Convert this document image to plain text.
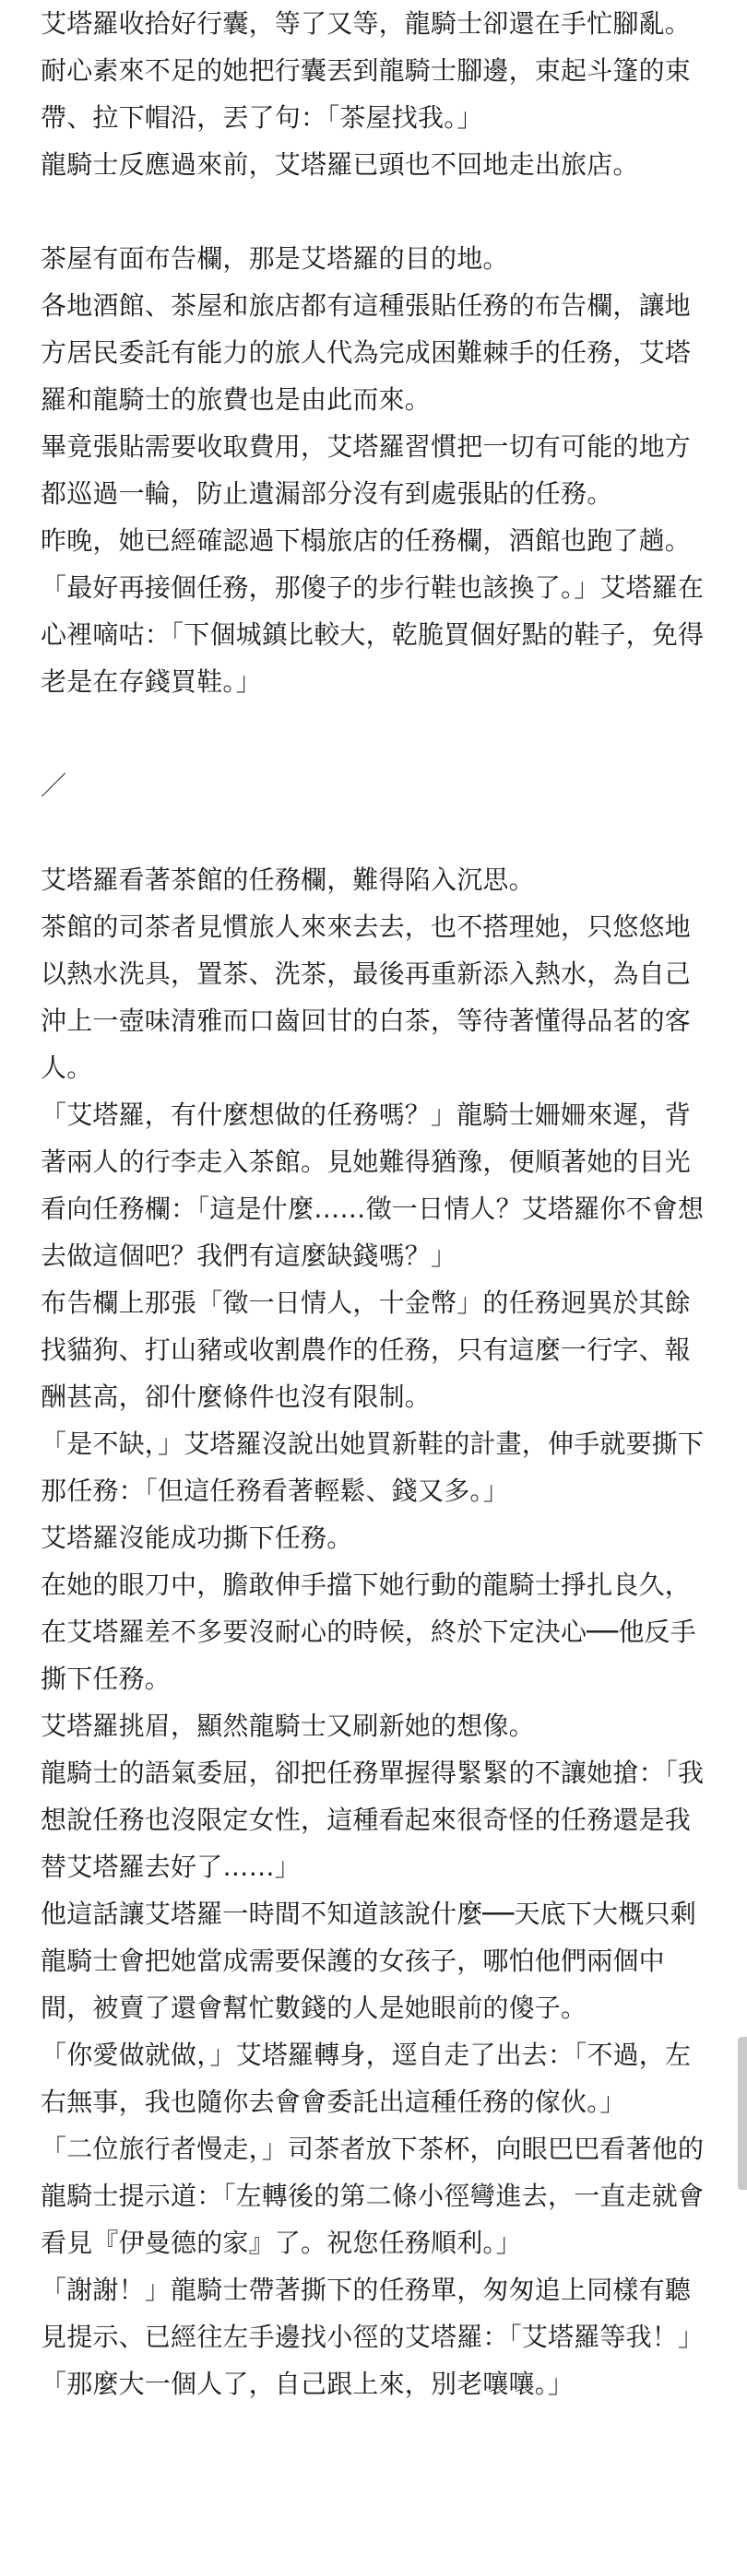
艾塔羅收拾好行囊，等了又等，龍騎士卻還在手忙腳亂。耐心素來不足的她把行囊丟到龍騎士腳邊，束起斗篷的束帶、拉下帽沿，丟了句：「茶屋找我。」

龍騎士反應過來前，艾塔羅已頭也不回地走出旅店。

茶屋有面布告欄，那是艾塔羅的目的地。

各地酒館、茶屋和旅店都有這種張貼任務的布告欄，讓地方居民委託有能力的旅人代為完成困難棘手的任務，艾塔羅和龍騎士的旅費也是由此而來。

畢竟張貼需要收取費用，艾塔羅習慣把一切有可能的地方都巡過一輪，防止遺漏部分沒有到處張貼的任務。

昨晚，她已經確認過下榻旅店的任務欄，酒館也跑了趟。

「最好再接個任務，那傻子的步行鞋也該換了。」艾塔羅在心裡嘀咕：「下個城鎮比較大，乾脆買個好點的鞋子，免得老是在存錢買鞋。」

／

艾塔羅看著茶館的任務欄，難得陷入沉思。

茶館的司茶者見慣旅人來來去去，也不搭理她，只悠悠地以熱水洗具，置茶、洗茶，最後再重新添入熱水，為自己沖上一壺味清雅而口齒回甘的白茶，等待著懂得品茗的客人。

「艾塔羅，有什麼想做的任務嗎？」龍騎士姍姍來遲，背著兩人的行李走入茶館。見她難得猶豫，便順著她的目光看向任務欄：「這是什麼……徵一日情人？艾塔羅你不會想去做這個吧？我們有這麼缺錢嗎？」

布告欄上那張「徵一日情人，十金幣」的任務迥異於其餘找貓狗、打山豬或收割農作的任務，只有這麼一行字、報酬甚高，卻什麼條件也沒有限制。

「是不缺，」艾塔羅沒說出她買新鞋的計畫，伸手就要撕下那任務：「但這任務看著輕鬆、錢又多。」

艾塔羅沒能成功撕下任務。

在她的眼刀中，膽敢伸手擋下她行動的龍騎士掙扎良久，在艾塔羅差不多要沒耐心的時候，終於下定決心──他反手撕下任務。

艾塔羅挑眉，顯然龍騎士又刷新她的想像。

龍騎士的語氣委屈，卻把任務單握得緊緊的不讓她搶：「我想說任務也沒限定女性，這種看起來很奇怪的任務還是我替艾塔羅去好了……」

他這話讓艾塔羅一時間不知道該說什麼──天底下大概只剩龍騎士會把她當成需要保護的女孩子，哪怕他們兩個中間，被賣了還會幫忙數錢的人是她眼前的傻子。

「你愛做就做，」艾塔羅轉身，逕自走了出去：「不過，左右無事，我也隨你去會會委託出這種任務的傢伙。」

「二位旅行者慢走，」司茶者放下茶杯，向眼巴巴看著他的龍騎士提示道：「左轉後的第二條小徑彎進去，一直走就會看見『伊曼德的家』了。祝您任務順利。」

「謝謝！」龍騎士帶著撕下的任務單，匆匆追上同樣有聽見提示、已經往左手邊找小徑的艾塔羅：「艾塔羅等我！」

「那麼大一個人了，自己跟上來，別老嚷嚷。」
